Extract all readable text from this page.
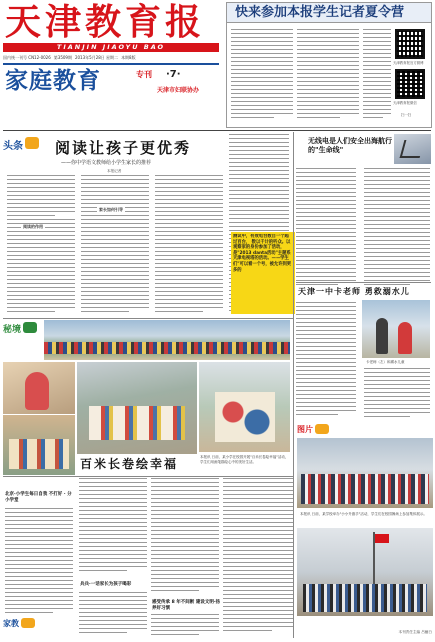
天津教育报
TIANJIN JIAOYU BAO
国内统一刊号 CN12-0026 第3509期 2013年5月28日 星期二 本期8版
家庭教育	专刊 ·7·
天津市妇联协办
快来参加本报学生记者夏令营
天津教育报官方微博
天津教育报微信
扫一扫
头条 阅读让孩子更优秀
——你中学语文教师给小学生家长的推荐
本报记者
阅读的作用
家长如何引导
无线电是人们安全出海航行的"生命线"
天津一中卡老师 勇救溺水儿
卡老师（左）和溺水儿童
测试中，有效电台数目一个超过百台， 数以千计的听众。以观察家的身份参加了活动，是"2013 danta活动"主题系天津电视塔的活动。——学生们"可以看一个号，被允许到更多的
秘境
百米长卷绘幸福	本报讯 日前，某小学在校园开展"百米长卷绘幸福"活动，学生们用画笔描绘心中的美好生活。
图片
本报讯 日前，某学校举办"小小升旗手"活动，学生们在校园操场上参加集体展示。
北京·小学生每日自我 不打好 · 分小学堂
家教
兵兵·一话家长为孩子喝彩
感受传承 8 年不间断 建设文明·扬养好习惯
本刊责任主编 吕骊白
